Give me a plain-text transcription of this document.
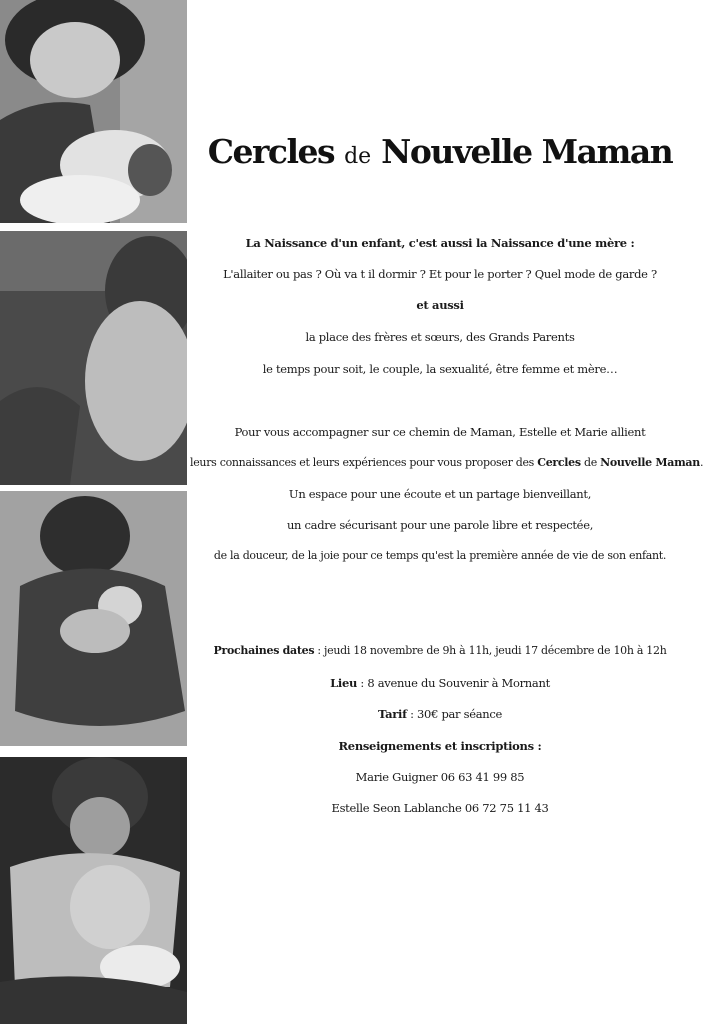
Cercles de Nouvelle Maman
La Naissance d'un enfant, c'est aussi la Naissance d'une mère :
L'allaiter ou pas ? Où va t il dormir ? Et pour le porter ? Quel mode de garde ?
et aussi
la place des frères et sœurs, des Grands Parents
le temps pour soit, le couple, la sexualité, être femme et mère…
Pour vous accompagner sur ce chemin de Maman, Estelle et Marie allient
leurs connaissances et leurs expériences pour vous proposer des Cercles de Nouvelle Maman.
Un espace pour une écoute et un partage bienveillant,
un cadre sécurisant pour une parole libre et respectée,
de la douceur, de la joie pour ce temps qu'est la première année de vie de son enfant.
Prochaines dates : jeudi 18 novembre de 9h à 11h, jeudi 17 décembre de 10h à 12h
Lieu : 8 avenue du Souvenir à Mornant
Tarif : 30€ par séance
Renseignements et inscriptions :
Marie Guigner 06 63 41 99 85
Estelle Seon Lablanche 06 72 75 11 43
